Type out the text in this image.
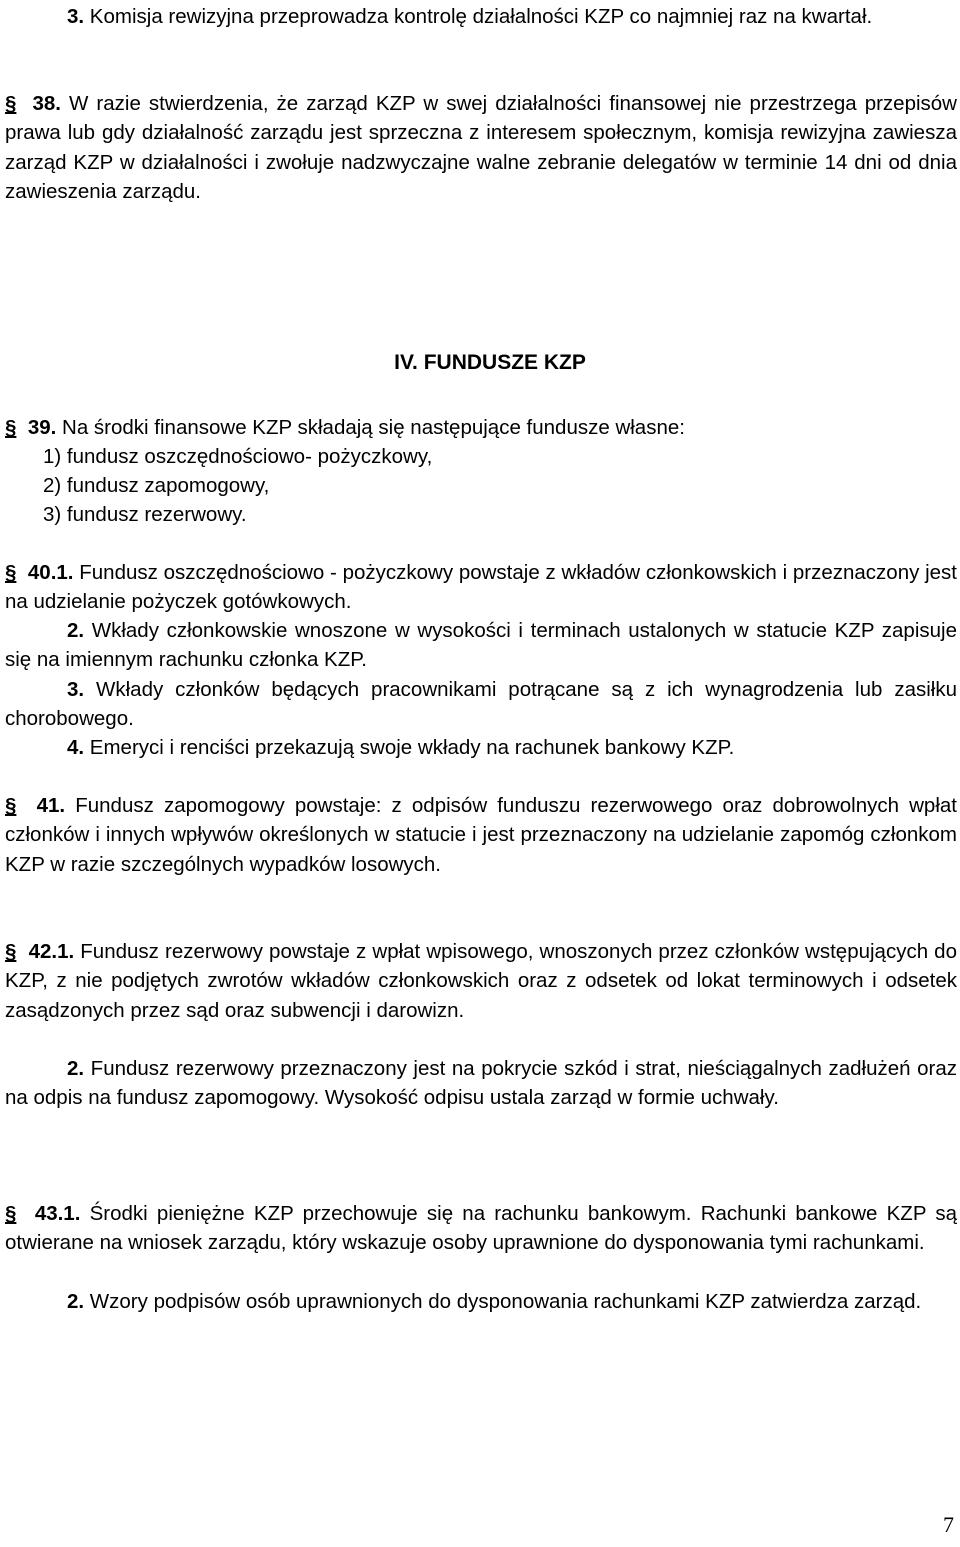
3. Komisja rewizyjna przeprowadza kontrolę działalności KZP co najmniej raz na kwartał.

§ 38. W razie stwierdzenia, że zarząd KZP w swej działalności finansowej nie przestrzega przepisów prawa lub gdy działalność zarządu jest sprzeczna z interesem społecznym, komisja rewizyjna zawiesza zarząd KZP w działalności i zwołuje nadzwyczajne walne zebranie delegatów w terminie 14 dni od dnia zawieszenia zarządu.

IV. FUNDUSZE KZP

§ 39. Na środki finansowe KZP składają się następujące fundusze własne:

1) fundusz oszczędnościowo- pożyczkowy,

2) fundusz zapomogowy,

3) fundusz rezerwowy.

§ 40.1. Fundusz oszczędnościowo - pożyczkowy powstaje z wkładów członkowskich i przeznaczony jest na udzielanie pożyczek gotówkowych.

2. Wkłady członkowskie wnoszone w wysokości i terminach ustalonych w statucie KZP zapisuje się na imiennym rachunku członka KZP.

3. Wkłady członków będących pracownikami potrącane są z ich wynagrodzenia lub zasiłku chorobowego.

4. Emeryci i renciści przekazują swoje wkłady na rachunek bankowy KZP.

§ 41. Fundusz zapomogowy powstaje: z odpisów funduszu rezerwowego oraz dobrowolnych wpłat członków i innych wpływów określonych w statucie i jest przeznaczony na udzielanie zapomóg członkom KZP w razie szczególnych wypadków losowych.

§ 42.1. Fundusz rezerwowy powstaje z wpłat wpisowego, wnoszonych przez członków wstępujących do KZP, z nie podjętych zwrotów wkładów członkowskich oraz z odsetek od lokat terminowych i odsetek zasądzonych przez sąd oraz subwencji i darowizn.

2. Fundusz rezerwowy przeznaczony jest na pokrycie szkód i strat, nieściągalnych zadłużeń oraz na odpis na fundusz zapomogowy. Wysokość odpisu ustala zarząd w formie uchwały.

§ 43.1. Środki pieniężne KZP przechowuje się na rachunku bankowym. Rachunki bankowe KZP są otwierane na wniosek zarządu, który wskazuje osoby uprawnione do dysponowania tymi rachunkami.

2. Wzory podpisów osób uprawnionych do dysponowania rachunkami KZP zatwierdza zarząd.

7
